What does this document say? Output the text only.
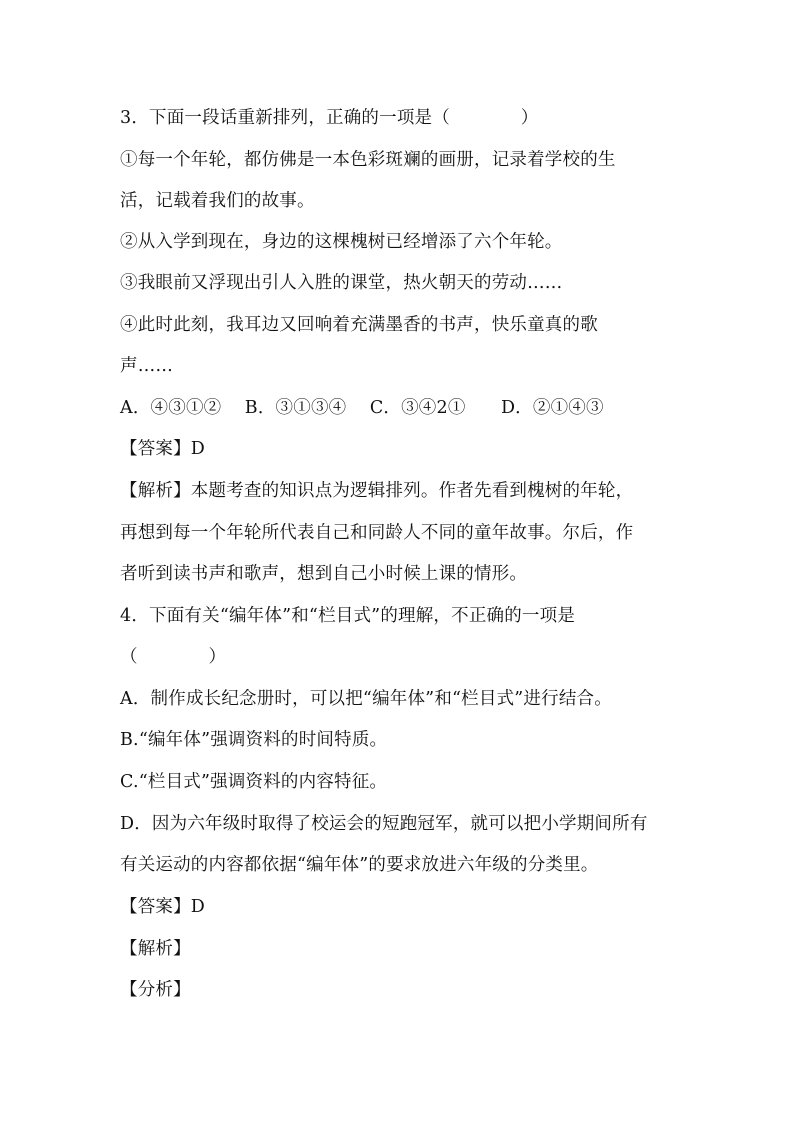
3．下面一段话重新排列，正确的一项是（　　　　）
①每一个年轮，都仿佛是一本色彩斑斓的画册，记录着学校的生
活，记载着我们的故事。
②从入学到现在，身边的这棵槐树已经增添了六个年轮。
③我眼前又浮现出引人入胜的课堂，热火朝天的劳动……
④此时此刻，我耳边又回响着充满墨香的书声，快乐童真的歌
声……
A．④③①②　 B．③①③④　 C．③④2①　　D．②①④③
【答案】D
【解析】本题考查的知识点为逻辑排列。作者先看到槐树的年轮，
再想到每一个年轮所代表自己和同龄人不同的童年故事。尔后，作
者听到读书声和歌声，想到自己小时候上课的情形。
4．下面有关“编年体”和“栏目式”的理解，不正确的一项是
（　　　　）
A．制作成长纪念册时，可以把“编年体”和“栏目式”进行结合。
B.“编年体”强调资料的时间特质。
C.“栏目式”强调资料的内容特征。
D．因为六年级时取得了校运会的短跑冠军，就可以把小学期间所有
有关运动的内容都依据“编年体”的要求放进六年级的分类里。
【答案】D
【解析】
【分析】
